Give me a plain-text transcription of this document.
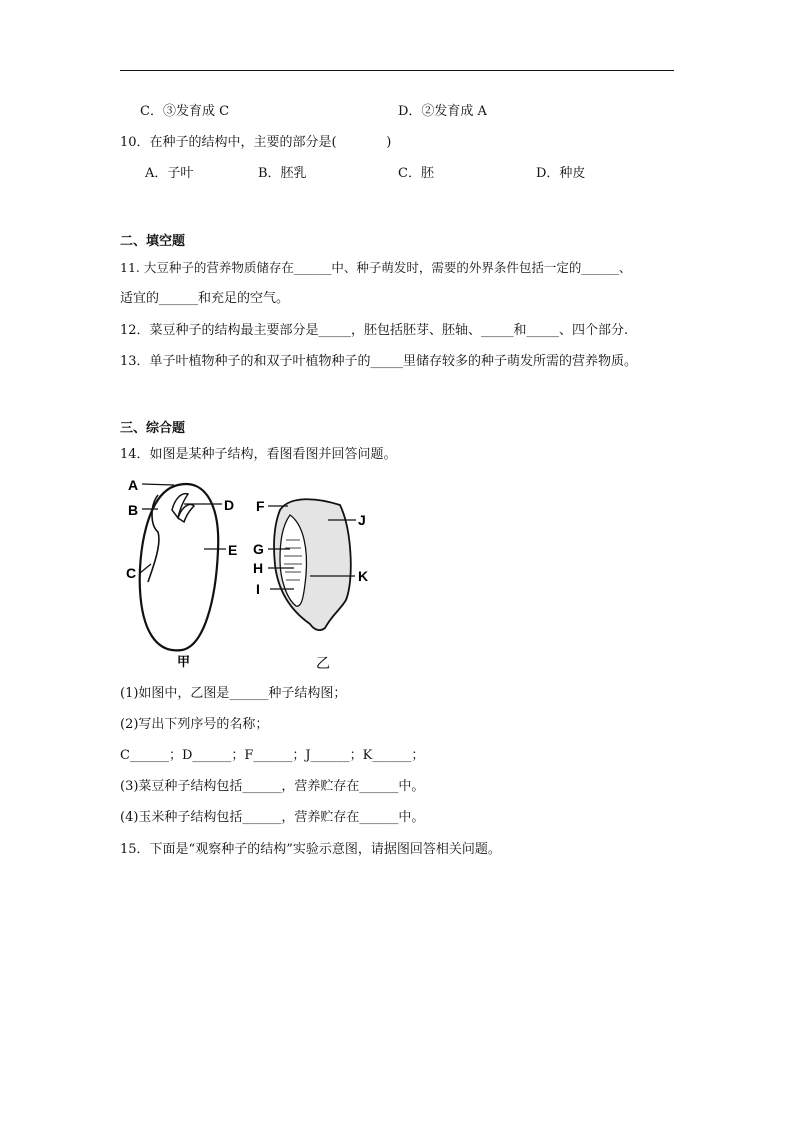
C．③发育成 C	D．②发育成 A
10．在种子的结构中，主要的部分是(            )
A．子叶	B．胚乳	C．胚	D．种皮
二、填空题
11. 大豆种子的营养物质储存在______中、种子萌发时，需要的外界条件包括一定的______、
适宜的______和充足的空气。
12．菜豆种子的结构最主要部分是_____，胚包括胚芽、胚轴、_____和_____、四个部分.
13．单子叶植物种子的和双子叶植物种子的_____里储存较多的种子萌发所需的营养物质。
三、综合题
14．如图是某种子结构，看图看图并回答问题。
A
B
C
D
E
F
G
H
I
J
K
甲	乙
(1)如图中，乙图是______种子结构图；
(2)写出下列序号的名称；
C______；D______；F______；J______；K______；
(3)菜豆种子结构包括______，营养贮存在______中。
(4)玉米种子结构包括______，营养贮存在______中。
15．下面是“观察种子的结构”实验示意图，请据图回答相关问题。
